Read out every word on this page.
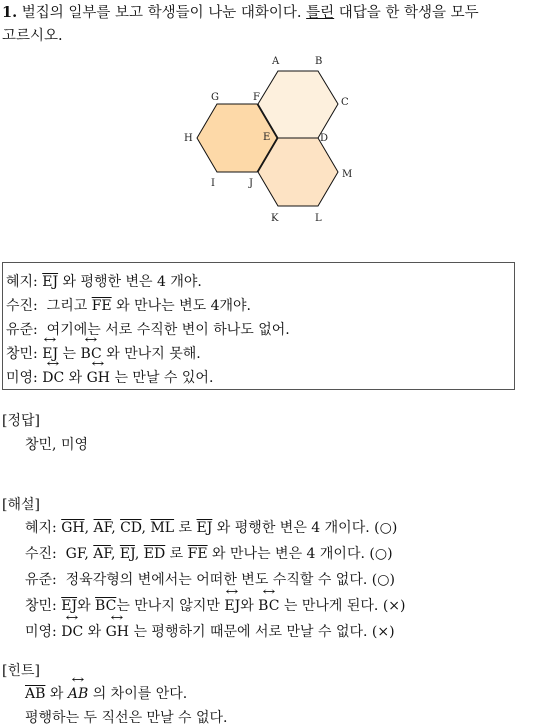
1. 벌집의 일부를 보고 학생들이 나눈 대화이다. 틀린 대답을 한 학생을 모두
고르시오.
A	B
C
D
E
F
G
H
I	J
K	L
M
혜지: $\overline{EJ}$ 와 평행한 변은 4 개야.
수진:  그리고 $\overline{FE}$ 와 만나는 변도 4개야.
유준:  여기에는 서로 수직한 변이 하나도 없어.
창민: ↔ EJ 는 ↔ BC 와 만나지 못해.
미영: ↔ DC 와 ↔ GH 는 만날 수 있어.
[정답]
창민, 미영
[해설]
혜지: $\overline{GH}$, $\overline{AF}$, $\overline{CD}$, $\overline{ML}$ 로 $\overline{EJ}$ 와 평행한 변은 4 개이다. (○)
수진:  GF, $\overline{AF}$, $\overline{EJ}$, $\overline{ED}$ 로 $\overline{FE}$ 와 만나는 변은 4 개이다. (○)
유준:  정육각형의 변에서는 어떠한 변도 수직할 수 없다. (○)
창민: $\overline{EJ}$와 $\overline{BC}$는 만나지 않지만 ↔ EJ와 ↔ BC 는 만나게 된다. (×)
미영: ↔ DC 와 ↔ GH 는 평행하기 때문에 서로 만날 수 없다. (×)
[힌트]
$\overline{AB}$ 와 ↔ AB 의 차이를 안다.
평행하는 두 직선은 만날 수 없다.
